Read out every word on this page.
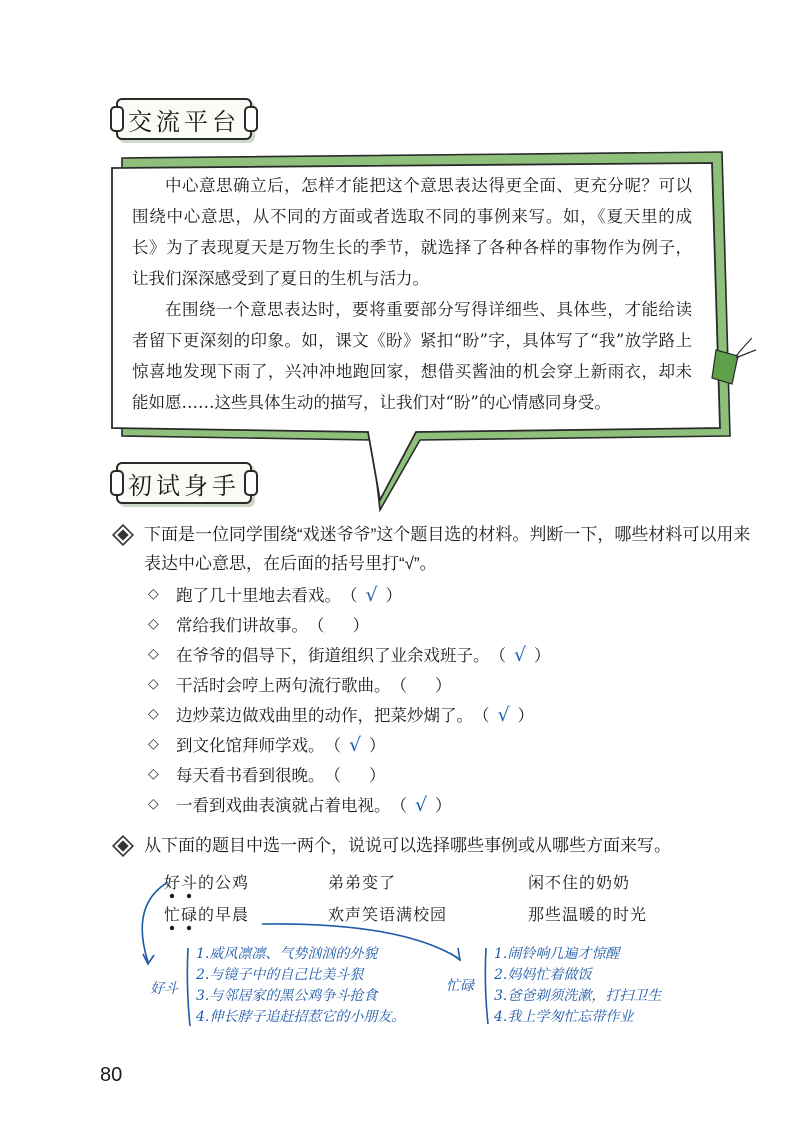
交流平台

中心意思确立后，怎样才能把这个意思表达得更全面、更充分呢？可以围绕中心意思，从不同的方面或者选取不同的事例来写。如，《夏天里的成长》为了表现夏天是万物生长的季节，就选择了各种各样的事物作为例子，让我们深深感受到了夏日的生机与活力。

在围绕一个意思表达时，要将重要部分写得详细些、具体些，才能给读者留下更深刻的印象。如，课文《盼》紧扣“盼”字，具体写了“我”放学路上惊喜地发现下雨了，兴冲冲地跑回家，想借买酱油的机会穿上新雨衣，却未能如愿……这些具体生动的描写，让我们对“盼”的心情感同身受。

初试身手
下面是一位同学围绕“戏迷爷爷”这个题目选的材料。判断一下，哪些材料可以用来表达中心意思，在后面的括号里打“√”。
◇	跑了几十里地去看戏。 （ √ ）
◇	常给我们讲故事。 （ ）
◇	在爷爷的倡导下，街道组织了业余戏班子。 （ √ ）
◇	干活时会哼上两句流行歌曲。 （ ）
◇	边炒菜边做戏曲里的动作，把菜炒煳了。 （ √ ）
◇	到文化馆拜师学戏。 （ √ ）
◇	每天看书看到很晚。 （ ）
◇	一看到戏曲表演就占着电视。 （ √ ）
从下面的题目中选一两个，说说可以选择哪些事例或从哪些方面来写。
好斗的公鸡	弟弟变了	闲不住的奶奶
忙碌的早晨	欢声笑语满校园	那些温暖的时光
好斗
1.威风凛凛、气势汹汹的外貌
2.与镜子中的自己比美斗狠
3.与邻居家的黑公鸡争斗抢食
4.伸长脖子追赶招惹它的小朋友。
忙碌
1.闹铃响几遍才惊醒
2.妈妈忙着做饭
3.爸爸剃须洗漱，打扫卫生
4.我上学匆忙忘带作业
80
